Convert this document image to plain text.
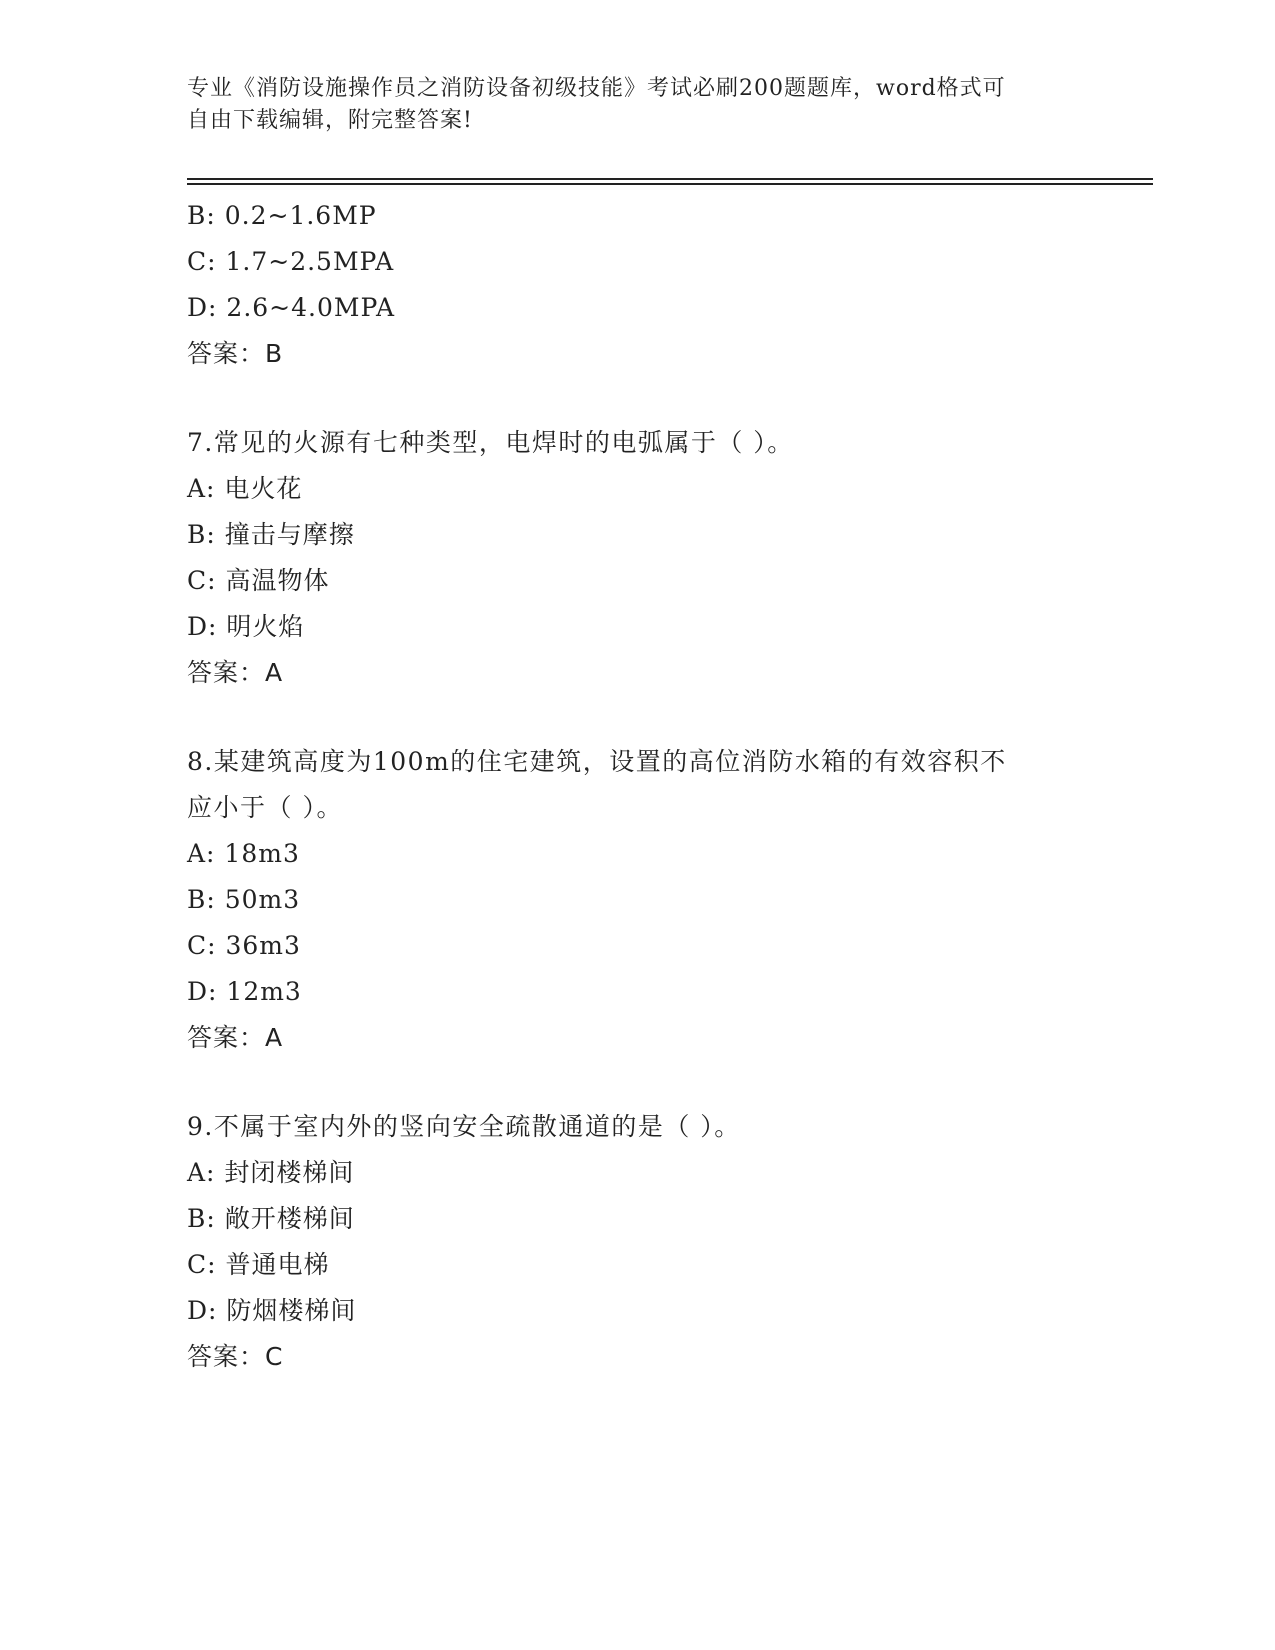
专业《消防设施操作员之消防设备初级技能》考试必刷200题题库，word格式可
自由下载编辑，附完整答案!
B: 0.2~1.6MP
C: 1.7~2.5MPA
D: 2.6~4.0MPA
答案：B
7.常见的火源有七种类型，电焊时的电弧属于（ ）。
A: 电火花
B: 撞击与摩擦
C: 高温物体
D: 明火焰
答案：A
8.某建筑高度为100m的住宅建筑，设置的高位消防水箱的有效容积不
应小于（ ）。
A: 18m3
B: 50m3
C: 36m3
D: 12m3
答案：A
9.不属于室内外的竖向安全疏散通道的是（ ）。
A: 封闭楼梯间
B: 敞开楼梯间
C: 普通电梯
D: 防烟楼梯间
答案：C
